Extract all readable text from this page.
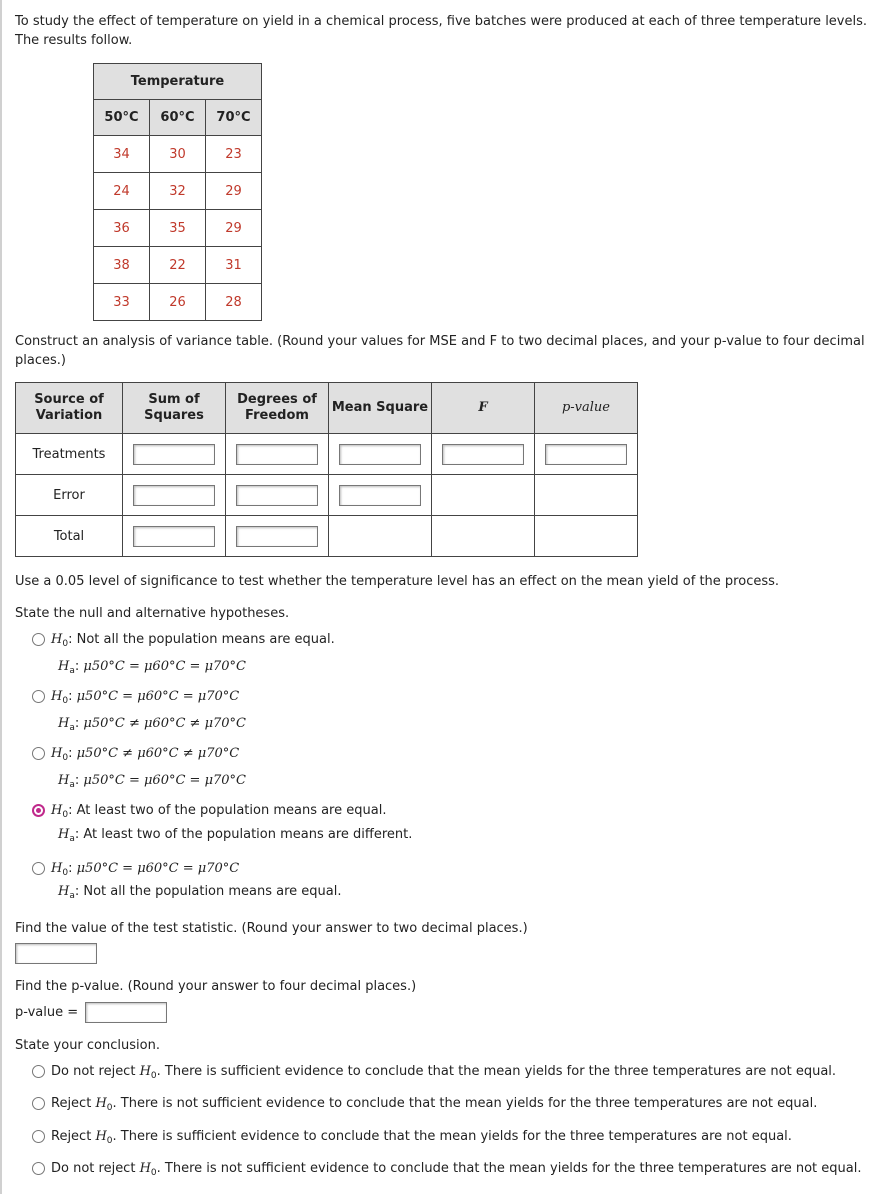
To study the effect of temperature on yield in a chemical process, five batches were produced at each of three temperature levels. The results follow.
Temperature		
50°C	60°C	70°C
34	30	23
24	32	29
36	35	29
38	22	31
33	26	28
Construct an analysis of variance table. (Round your values for MSE and F to two decimal places, and your p-value to four decimal places.)
Source of Variation	Sum of Squares	Degrees of Freedom	Mean Square	F	p-value
Treatments					
Error					
Total					
Use a 0.05 level of significance to test whether the temperature level has an effect on the mean yield of the process.
State the null and alternative hypotheses.
$H_0$: Not all the population means are equal.
$H_a$: μ50°C = μ60°C = μ70°C
$H_0$: μ50°C = μ60°C = μ70°C
$H_a$: μ50°C ≠ μ60°C ≠ μ70°C
$H_0$: μ50°C ≠ μ60°C ≠ μ70°C
$H_a$: μ50°C = μ60°C = μ70°C
$H_0$: At least two of the population means are equal.
$H_a$: At least two of the population means are different.
$H_0$: μ50°C = μ60°C = μ70°C
$H_a$: Not all the population means are equal.
Find the value of the test statistic. (Round your answer to two decimal places.)
Find the p-value. (Round your answer to four decimal places.)
p-value =
State your conclusion.
Do not reject $H_0$. There is sufficient evidence to conclude that the mean yields for the three temperatures are not equal.
Reject $H_0$. There is not sufficient evidence to conclude that the mean yields for the three temperatures are not equal.
Reject $H_0$. There is sufficient evidence to conclude that the mean yields for the three temperatures are not equal.
Do not reject $H_0$. There is not sufficient evidence to conclude that the mean yields for the three temperatures are not equal.
